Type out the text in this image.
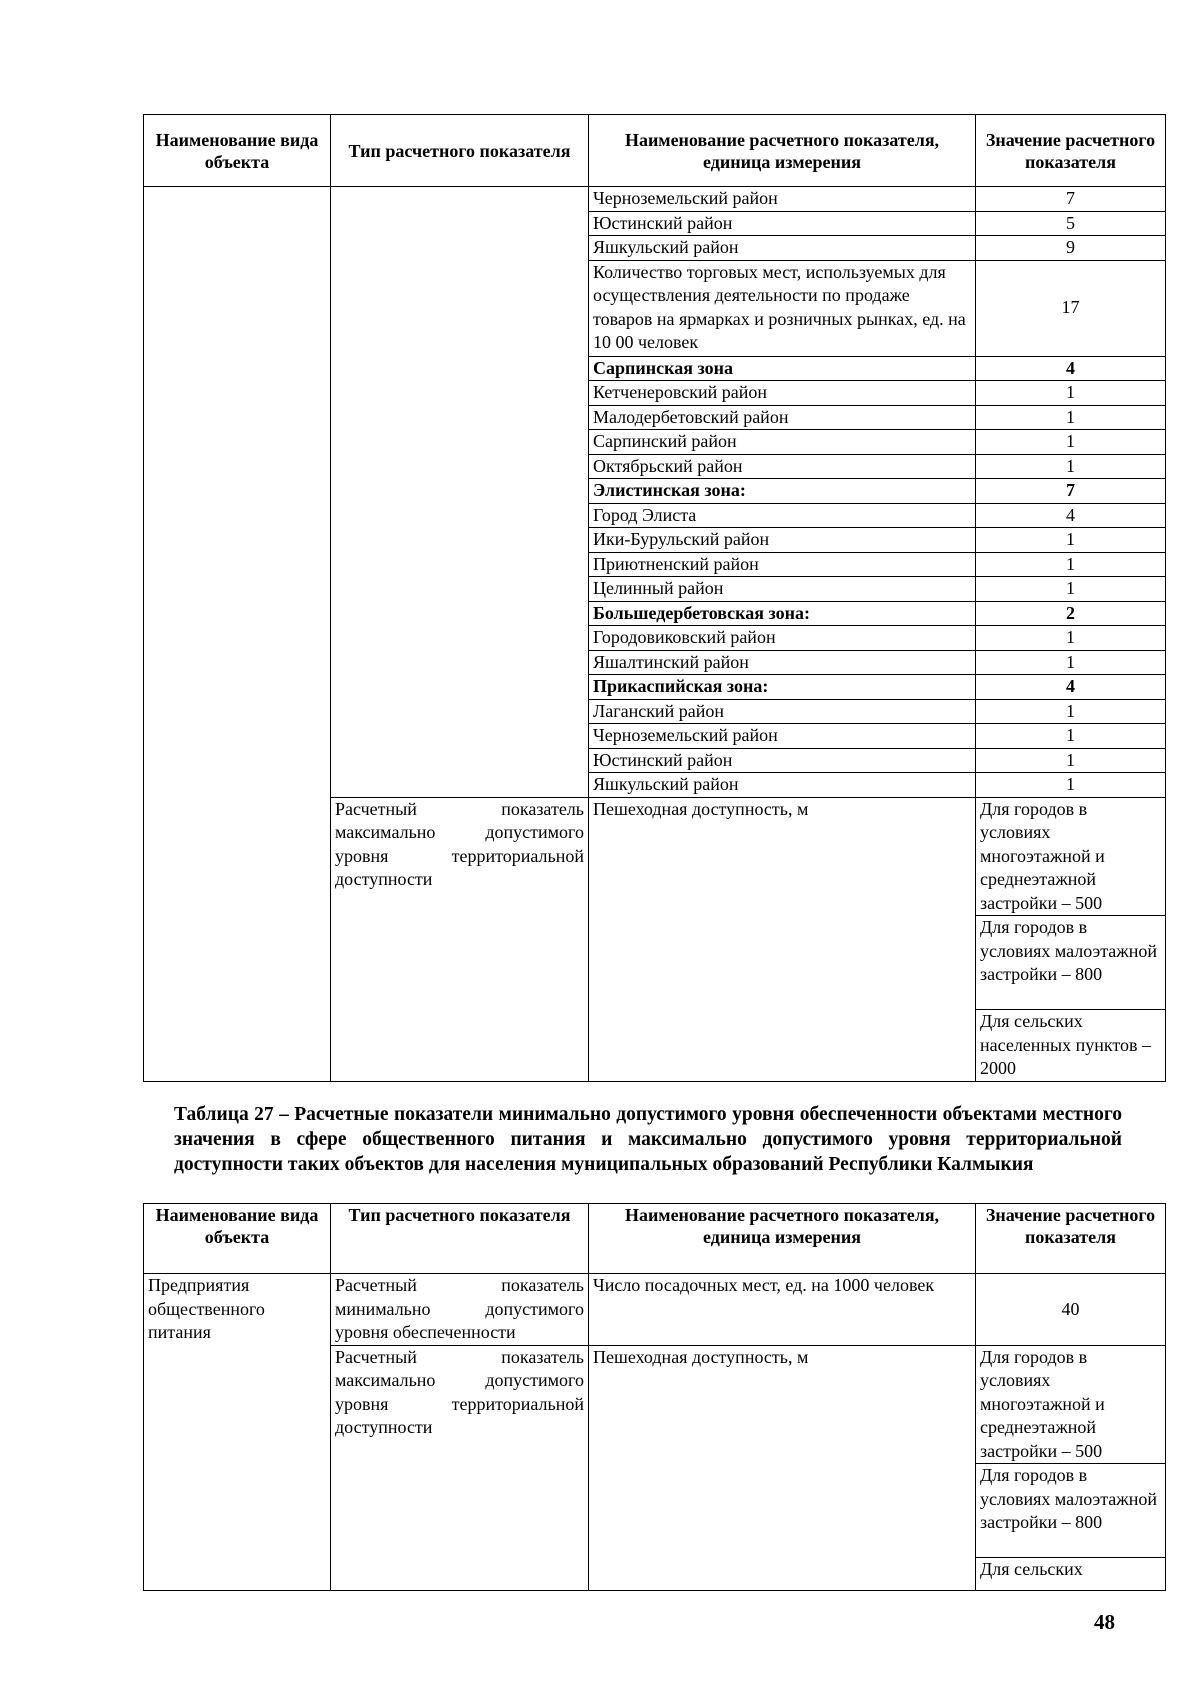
Наименование вида объекта	Тип расчетного показателя	Наименование расчетного показателя, единица измерения	Значение расчетного показателя
		Черноземельский район	7
		Юстинский район	5
		Яшкульский район	9
		Количество торговых мест, используемых для осуществления деятельности по продаже товаров на ярмарках и розничных рынках, ед. на 10 00 человек	17
		Сарпинская зона	4
		Кетченеровский район	1
		Малодербетовский район	1
		Сарпинский район	1
		Октябрьский район	1
		Элистинская зона:	7
		Город Элиста	4
		Ики-Бурульский район	1
		Приютненский район	1
		Целинный район	1
		Большедербетовская зона:	2
		Городовиковский район	1
		Яшалтинский район	1
		Прикаспийская зона:	4
		Лаганский район	1
		Черноземельский район	1
		Юстинский район	1
		Яшкульский район	1
	Расчетный показатель максимально допустимого уровня территориальной доступности	Пешеходная доступность, м	Для городов в условиях многоэтажной и среднеэтажной застройки – 500
			Для городов в условиях малоэтажной застройки – 800
			Для сельских населенных пунктов – 2000
Таблица 27 – Расчетные показатели минимально допустимого уровня обеспеченности объектами местного значения в сфере общественного питания и максимально допустимого уровня территориальной доступности таких объектов для населения муниципальных образований Республики Калмыкия
Наименование вида объекта	Тип расчетного показателя	Наименование расчетного показателя, единица измерения	Значение расчетного показателя
Предприятия общественного питания	Расчетный показатель минимально допустимого уровня обеспеченности	Число посадочных мест, ед. на 1000 человек	40
	Расчетный показатель максимально допустимого уровня территориальной доступности	Пешеходная доступность, м	Для городов в условиях многоэтажной и среднеэтажной застройки – 500
			Для городов в условиях малоэтажной застройки – 800
			Для сельских
48
